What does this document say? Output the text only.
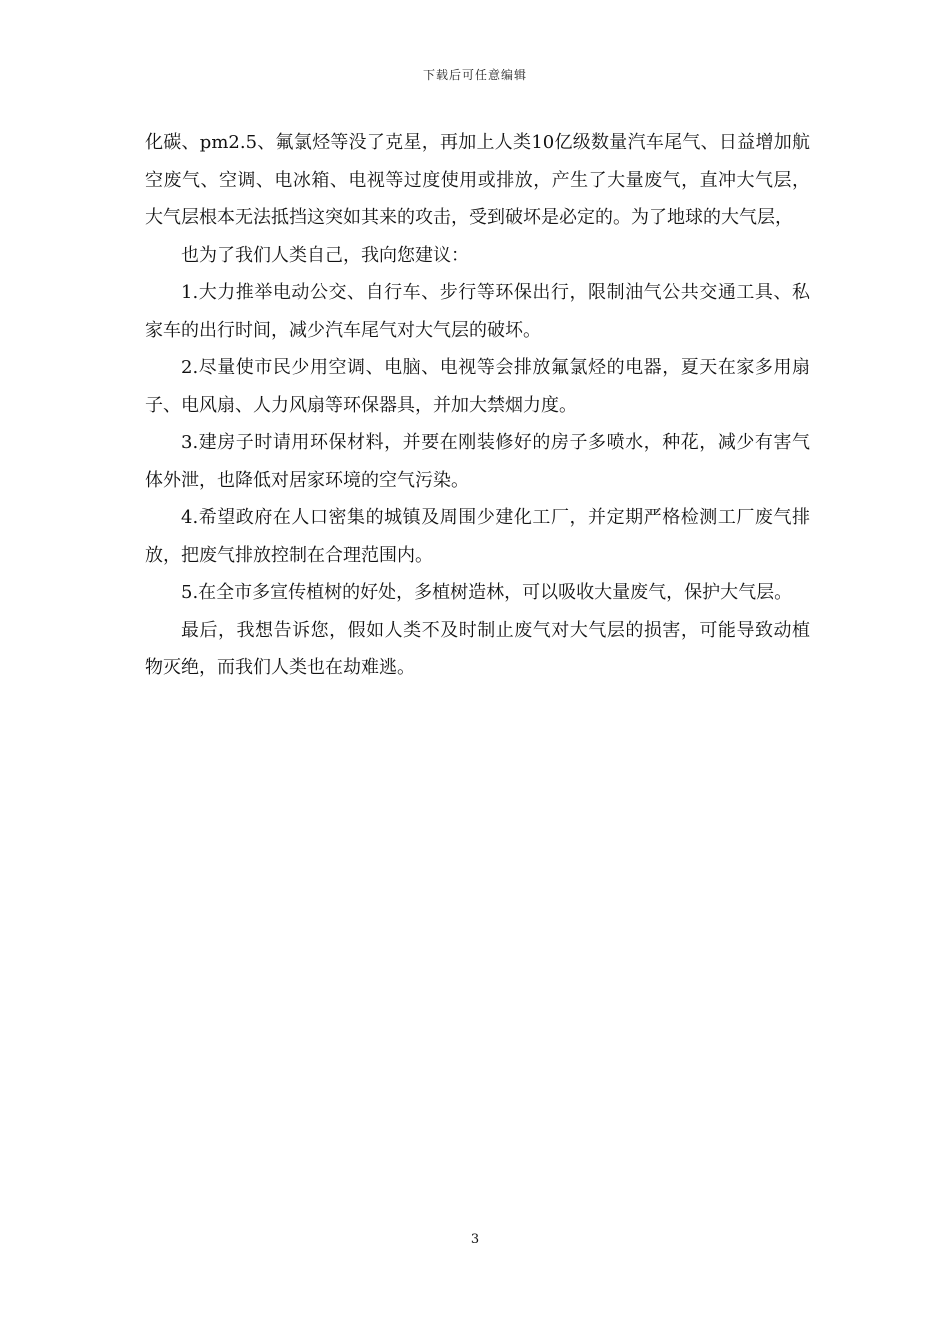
下载后可任意编辑

化碳、pm2.5、氟氯烃等没了克星，再加上人类10亿级数量汽车尾气、日益增加航空废气、空调、电冰箱、电视等过度使用或排放，产生了大量废气，直冲大气层，大气层根本无法抵挡这突如其来的攻击，受到破坏是必定的。为了地球的大气层，

也为了我们人类自己，我向您建议：

1.大力推举电动公交、自行车、步行等环保出行，限制油气公共交通工具、私家车的出行时间，减少汽车尾气对大气层的破坏。

2.尽量使市民少用空调、电脑、电视等会排放氟氯烃的电器，夏天在家多用扇子、电风扇、人力风扇等环保器具，并加大禁烟力度。

3.建房子时请用环保材料，并要在刚装修好的房子多喷水，种花，减少有害气体外泄，也降低对居家环境的空气污染。

4.希望政府在人口密集的城镇及周围少建化工厂，并定期严格检测工厂废气排放，把废气排放控制在合理范围内。

5.在全市多宣传植树的好处，多植树造林，可以吸收大量废气，保护大气层。

最后，我想告诉您，假如人类不及时制止废气对大气层的损害，可能导致动植物灭绝，而我们人类也在劫难逃。

3
